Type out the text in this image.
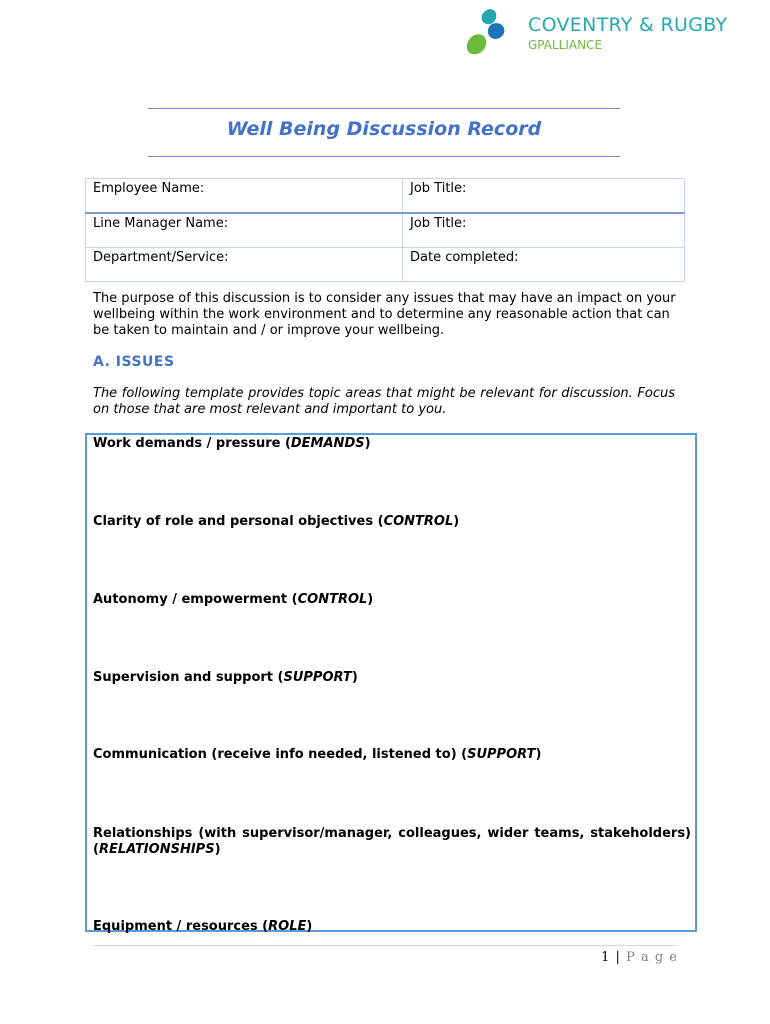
COVENTRY & RUGBY
GPALLIANCE
Well Being Discussion Record
Employee Name:	Job Title:
Line Manager Name:	Job Title:
Department/Service:	Date completed:
The purpose of this discussion is to consider any issues that may have an impact on your wellbeing within the work environment and to determine any reasonable action that can be taken to maintain and / or improve your wellbeing.
A. ISSUES
The following template provides topic areas that might be relevant for discussion. Focus on those that are most relevant and important to you.
Work demands / pressure (DEMANDS)
Clarity of role and personal objectives (CONTROL)
Autonomy / empowerment (CONTROL)
Supervision and support (SUPPORT)
Communication (receive info needed, listened to) (SUPPORT)
Relationships (with supervisor/manager, colleagues, wider teams, stakeholders) (RELATIONSHIPS)
Equipment / resources (ROLE)
1 | P a g e
